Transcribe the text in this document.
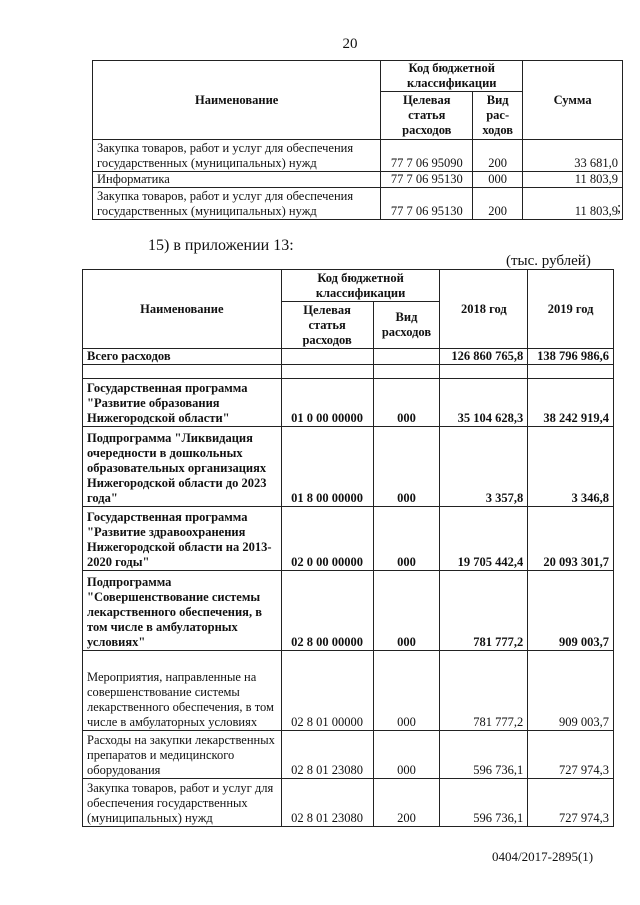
20
Наименование	Код бюджетной классификации		Сумма
	Целевая статья расходов	Вид
рас-
ходов	
Закупка товаров, работ и услуг для обеспечения государственных (муниципальных) нужд	77 7 06 95090	200	33 681,0
Информатика	77 7 06 95130	000	11 803,9
Закупка товаров, работ и услуг для обеспечения государственных (муниципальных) нужд	77 7 06 95130	200	11 803,9 ;
15) в приложении 13:
(тыс. рублей)
Наименование	Код бюджетной классификации		2018 год	2019 год
	Целевая статья расходов	Вид расходов		
Всего расходов			126 860 765,8	138 796 986,6

Государственная программа "Развитие образования Нижегородской области"	01 0 00 00000	000	35 104 628,3	38 242 919,4
Подпрограмма "Ликвидация очередности в дошкольных образовательных организациях Нижегородской области до 2023 года"	01 8 00 00000	000	3 357,8	3 346,8
Государственная программа "Развитие здравоохранения Нижегородской области на 2013-2020 годы"	02 0 00 00000	000	19 705 442,4	20 093 301,7
Подпрограмма "Совершенствование системы лекарственного обеспечения, в том числе в амбулаторных условиях"	02 8 00 00000	000	781 777,2	909 003,7
Мероприятия, направленные на совершенствование системы лекарственного обеспечения, в том числе в амбулаторных условиях	02 8 01 00000	000	781 777,2	909 003,7
Расходы на закупки лекарственных препаратов и медицинского оборудования	02 8 01 23080	000	596 736,1	727 974,3
Закупка товаров, работ и услуг для обеспечения государственных (муниципальных) нужд	02 8 01 23080	200	596 736,1	727 974,3
0404/2017-2895(1)
